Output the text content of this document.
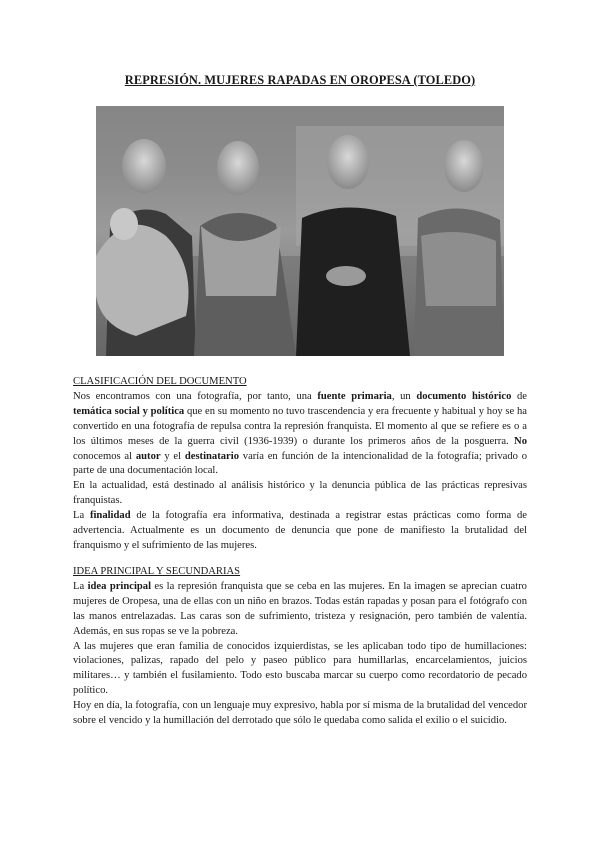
REPRESIÓN. MUJERES RAPADAS EN OROPESA (TOLEDO)

CLASIFICACIÓN DEL DOCUMENTO

Nos encontramos con una fotografía, por tanto, una fuente primaria, un documento histórico de temática social y política que en su momento no tuvo trascendencia y era frecuente y habitual y hoy se ha convertido en una fotografía de repulsa contra la represión franquista. El momento al que se refiere es o a los últimos meses de la guerra civil (1936-1939) o durante los primeros años de la posguerra. No conocemos al autor y el destinatario varía en función de la intencionalidad de la fotografía; privado o parte de una documentación local.

En la actualidad, está destinado al análisis histórico y la denuncia pública de las prácticas represivas franquistas.

La finalidad de la fotografía era informativa, destinada a registrar estas prácticas como forma de advertencia. Actualmente es un documento de denuncia que pone de manifiesto la brutalidad del franquismo y el sufrimiento de las mujeres.

IDEA PRINCIPAL Y SECUNDARIAS

La idea principal es la represión franquista que se ceba en las mujeres. En la imagen se aprecian cuatro mujeres de Oropesa, una de ellas con un niño en brazos. Todas están rapadas y posan para el fotógrafo con las manos entrelazadas. Las caras son de sufrimiento, tristeza y resignación, pero también de valentía. Además, en sus ropas se ve la pobreza.

A las mujeres que eran familia de conocidos izquierdistas, se les aplicaban todo tipo de humillaciones: violaciones, palizas, rapado del pelo y paseo público para humillarlas, encarcelamientos, juicios militares… y también el fusilamiento. Todo esto buscaba marcar su cuerpo como recordatorio de pecado político.

Hoy en día, la fotografía, con un lenguaje muy expresivo, habla por sí misma de la brutalidad del vencedor sobre el vencido y la humillación del derrotado que sólo le quedaba como salida el exilio o el suicidio.
